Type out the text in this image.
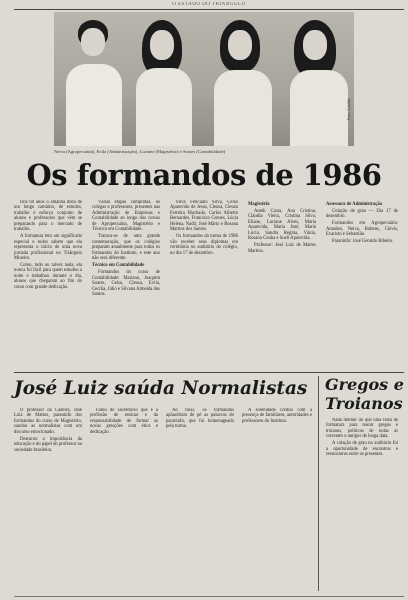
O ESTADO DO TRIANGULO
Foto: Cataldo
Neiva (Agropecuária), Evila (Administração), Luciane (Magistério) e Soares (Contabilidade)
Os formandos de 1986

Dos 60 anos o amanhã dista de um longo caminho, de estudos, trabalho e esforço conjunto de alunos e professores que vêm se preparando para o mercado de trabalho.

A formatura tem um significado especial e todos sabem que ela representa o início de uma nova jornada profissional no Triângulo Mineiro.

Como, tudo ou talvez nada, ela nunca foi fácil para quem estudou a noite e trabalhou durante o dia, alunos que chegaram ao fim do curso com grande dedicação.

Várias etapas cumpridas, os colegas e professores, presentes nas Administração de Empresas e Contabilidade ao longo dos cursos de Agropecuária, Magistério e Técnico em Contabilidade.

Tratava-se de uma grande comemoração, que os colégios preparam anualmente para todos os formandos do Instituto, e este ano não será diferente.

Técnico em Contabilidade

Formandos do curso de Contabilidade: Mariano, Joaquim Soares, Celso, Cleusa, Evila, Cecília, Júlio e Silvana Almeida dos Santos.

Silva Feliciano Silva, Celso Aparecido de Jesus, Cleusa, Cleuza Ferreira Machado, Carlos Alberto Bernardes, Francisco Gomes, Lúcia Helena, Nadir, José Mário e Rosana Martins dos Santos.

Os formandos da turma de 1986 vão receber seus diplomas em cerimônia no auditório do colégio, no dia 17 de dezembro.

Magistério

Aneth Costa, Ana Cristina, Cláudia Vieira, Cristina Silva, Eliane, Luciane Alves, Maria Aparecida, Maria José, Maria Lúcia, Sandra Regina, Vânia, Rosana Cunha e Sueli Aparecida.

Professor: José Luiz de Mattos Martins.

Assessora de Administração

Colação de grau — Dia 17 de dezembro.

Formandos em Agropecuária: Amadeu, Neiva, Rubens, Clóvis, Evaristo e Sebastião.

Paraninfo: José Geraldo Ribeiro.

José Luiz saúda Normalistas Gregos e Troianos

O professor da Cadeira, José Luiz de Mattos, paraninfo dos formandos do curso de Magistério, saudou as normalistas com um discurso emocionado.

Destacou a importância da educação e do papel do professor na sociedade brasileira.

Falou do sacerdócio que é a profissão de ensinar e da responsabilidade de formar as novas gerações com ética e dedicação.

Ao final, os formandos aplaudiram de pé as palavras do paraninfo, que foi homenageado pela turma.

A solenidade contou com a presença de familiares, autoridades e professores do Instituto.	Nada melhor do que uma festa de formatura para reunir gregos e troianos, políticos de todas as correntes e amigos de longa data.

A colação de grau no auditório foi a oportunidade de encontros e reencontros entre os presentes.
